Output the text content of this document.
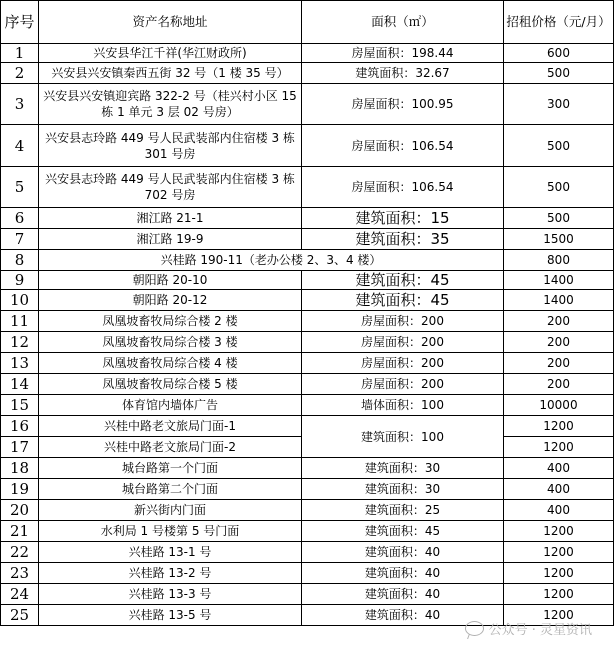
序号	资产名称地址	面积（㎡）	招租价格（元/月）
1	兴安县华江千祥(华江财政所)	房屋面积：198.44	600
2	兴安县兴安镇秦西五街 32 号（1 楼 35 号）	建筑面积：32.67	500
3	兴安县兴安镇迎宾路 322-2 号（桂兴村小区 15 栋 1 单元 3 层 02 号房）	房屋面积：100.95	300
4	兴安县志玲路 449 号人民武装部内住宿楼 3 栋 301 号房	房屋面积：106.54	500
5	兴安县志玲路 449 号人民武装部内住宿楼 3 栋 702 号房	房屋面积：106.54	500
6	湘江路 21-1	建筑面积：15	500
7	湘江路 19-9	建筑面积：35	1500
8	兴桂路 190-11（老办公楼 2、3、4 楼）		800
9	朝阳路 20-10	建筑面积：45	1400
10	朝阳路 20-12	建筑面积：45	1400
11	凤凰坡畜牧局综合楼 2 楼	房屋面积：200	200
12	凤凰坡畜牧局综合楼 3 楼	房屋面积：200	200
13	凤凰坡畜牧局综合楼 4 楼	房屋面积：200	200
14	凤凰坡畜牧局综合楼 5 楼	房屋面积：200	200
15	体育馆内墙体广告	墙体面积：100	10000
16	兴桂中路老文旅局门面-1	建筑面积：100	1200
17	兴桂中路老文旅局门面-2		1200
18	城台路第一个门面	建筑面积：30	400
19	城台路第二个门面	建筑面积：30	400
20	新兴街内门面	建筑面积：25	400
21	水利局 1 号楼第 5 号门面	建筑面积：45	1200
22	兴桂路 13-1 号	建筑面积：40	1200
23	兴桂路 13-2 号	建筑面积：40	1200
24	兴桂路 13-3 号	建筑面积：40	1200
25	兴桂路 13-5 号	建筑面积：40	1200
公众号 · 灵星资讯
